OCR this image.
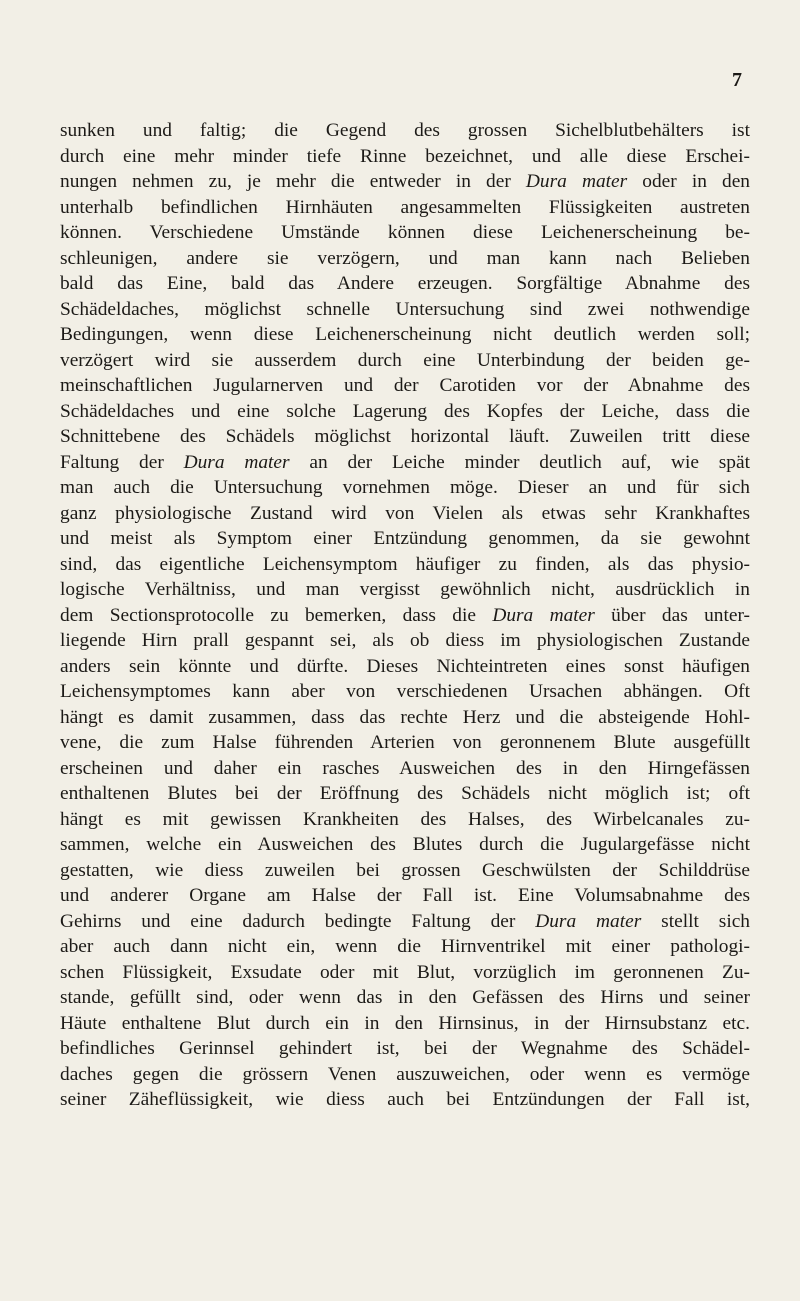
7
sunken und faltig; die Gegend des grossen Sichelblutbehälters ist
durch eine mehr minder tiefe Rinne bezeichnet, und alle diese Erschei-
nungen nehmen zu, je mehr die entweder in der Dura mater oder in den
unterhalb befindlichen Hirnhäuten angesammelten Flüssigkeiten austreten
können. Verschiedene Umstände können diese Leichenerscheinung be-
schleunigen, andere sie verzögern, und man kann nach Belieben
bald das Eine, bald das Andere erzeugen. Sorgfältige Abnahme des
Schädeldaches, möglichst schnelle Untersuchung sind zwei nothwendige
Bedingungen, wenn diese Leichenerscheinung nicht deutlich werden soll;
verzögert wird sie ausserdem durch eine Unterbindung der beiden ge-
meinschaftlichen Jugularnerven und der Carotiden vor der Abnahme des
Schädeldaches und eine solche Lagerung des Kopfes der Leiche, dass die
Schnittebene des Schädels möglichst horizontal läuft. Zuweilen tritt diese
Faltung der Dura mater an der Leiche minder deutlich auf, wie spät
man auch die Untersuchung vornehmen möge. Dieser an und für sich
ganz physiologische Zustand wird von Vielen als etwas sehr Krankhaftes
und meist als Symptom einer Entzündung genommen, da sie gewohnt
sind, das eigentliche Leichensymptom häufiger zu finden, als das physio-
logische Verhältniss, und man vergisst gewöhnlich nicht, ausdrücklich in
dem Sectionsprotocolle zu bemerken, dass die Dura mater über das unter-
liegende Hirn prall gespannt sei, als ob diess im physiologischen Zustande
anders sein könnte und dürfte. Dieses Nichteintreten eines sonst häufigen
Leichensymptomes kann aber von verschiedenen Ursachen abhängen. Oft
hängt es damit zusammen, dass das rechte Herz und die absteigende Hohl-
vene, die zum Halse führenden Arterien von geronnenem Blute ausgefüllt
erscheinen und daher ein rasches Ausweichen des in den Hirngefässen
enthaltenen Blutes bei der Eröffnung des Schädels nicht möglich ist; oft
hängt es mit gewissen Krankheiten des Halses, des Wirbelcanales zu-
sammen, welche ein Ausweichen des Blutes durch die Jugulargefässe nicht
gestatten, wie diess zuweilen bei grossen Geschwülsten der Schilddrüse
und anderer Organe am Halse der Fall ist. Eine Volumsabnahme des
Gehirns und eine dadurch bedingte Faltung der Dura mater stellt sich
aber auch dann nicht ein, wenn die Hirnventrikel mit einer pathologi-
schen Flüssigkeit, Exsudate oder mit Blut, vorzüglich im geronnenen Zu-
stande, gefüllt sind, oder wenn das in den Gefässen des Hirns und seiner
Häute enthaltene Blut durch ein in den Hirnsinus, in der Hirnsubstanz etc.
befindliches Gerinnsel gehindert ist, bei der Wegnahme des Schädel-
daches gegen die grössern Venen auszuweichen, oder wenn es vermöge
seiner Zäheflüssigkeit, wie diess auch bei Entzündungen der Fall ist,
